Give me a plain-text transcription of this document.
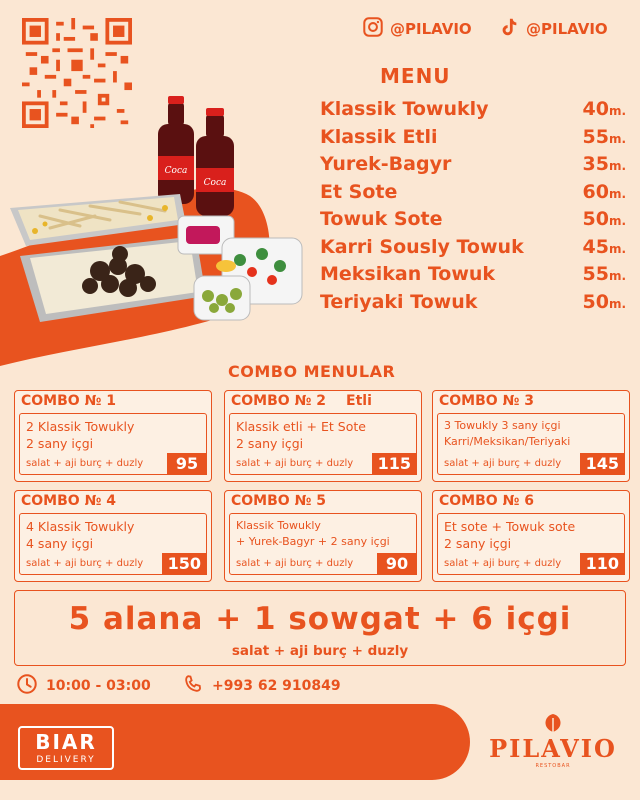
@PILAVIO	@PILAVIO
Coca
Coca
MENU
Klassik Towukly	40m.
Klassik Etli	55m.
Yurek-Bagyr	35m.
Et Sote	60m.
Towuk Sote	50m.
Karri Sously Towuk	45m.
Meksikan Towuk	55m.
Teriyaki Towuk	50m.
COMBO MENULAR
COMBO № 1
2 Klassik Towukly
2 sany içgi
salat + aji burç + duzly	95
COMBO № 2 Etli
Klassik etli + Et Sote
2 sany içgi
salat + aji burç + duzly	115
COMBO № 3
3 Towukly 3 sany içgi
Karri/Meksikan/Teriyaki
salat + aji burç + duzly	145
COMBO № 4
4 Klassik Towukly
4 sany içgi
salat + aji burç + duzly	150
COMBO № 5
Klassik Towukly
+ Yurek-Bagyr + 2 sany içgi
salat + aji burç + duzly	90
COMBO № 6
Et sote + Towuk sote
2 sany içgi
salat + aji burç + duzly	110
5 alana + 1 sowgat + 6 içgi
salat + aji burç + duzly
10:00 - 03:00	+993 62 910849
BIAR
DELIVERY	PILAVIO
RESTOBAR
